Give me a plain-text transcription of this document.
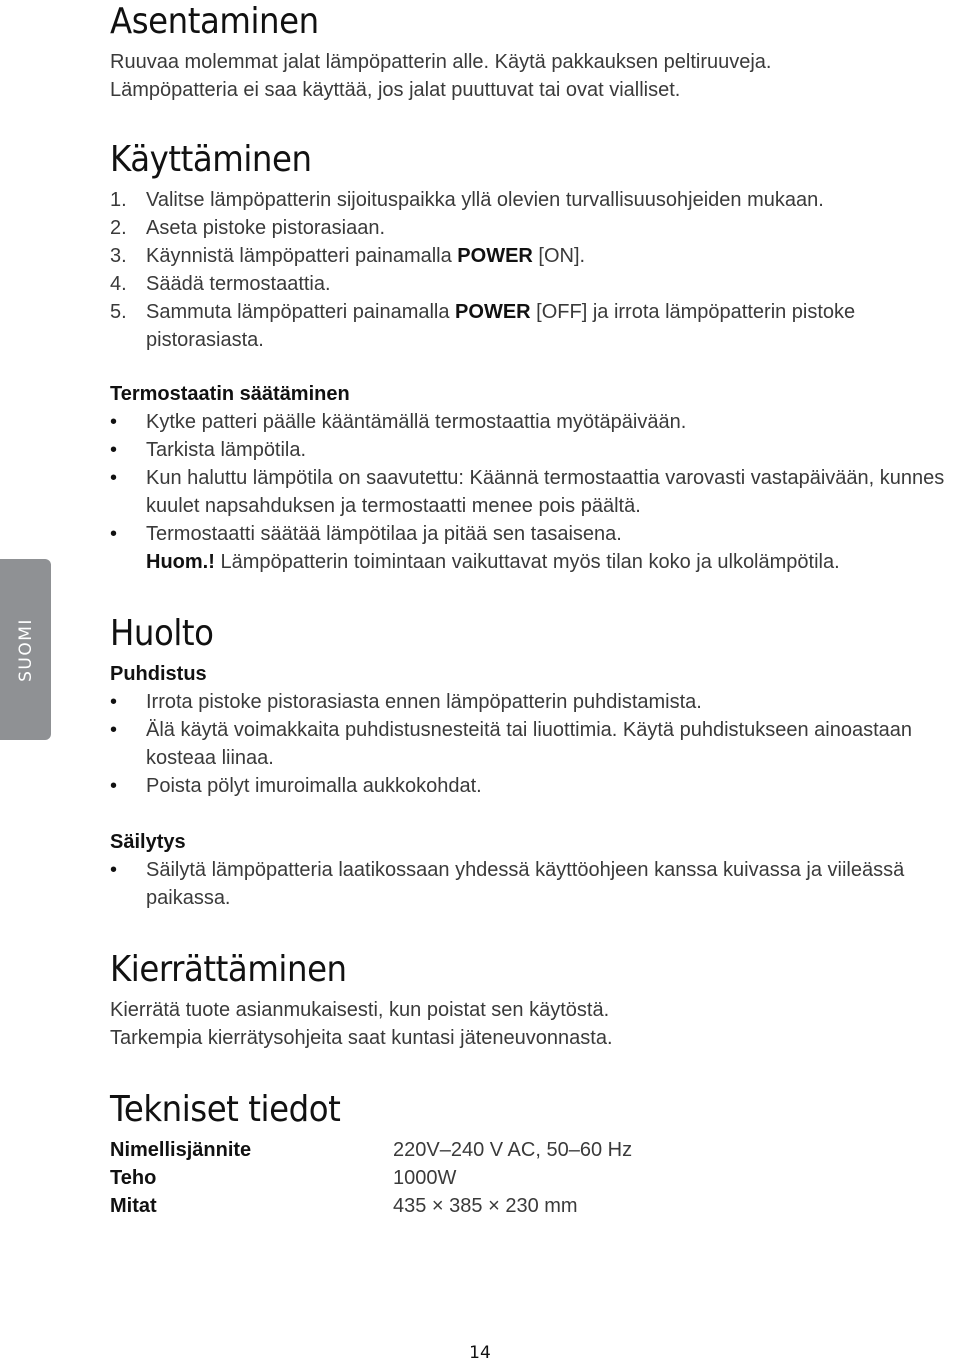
SUOMI
Asentaminen

Ruuvaa molemmat jalat lämpöpatterin alle. Käytä pakkauksen peltiruuveja.

Lämpöpatteria ei saa käyttää, jos jalat puuttuvat tai ovat vialliset.

Käyttäminen
1. Valitse lämpöpatterin sijoituspaikka yllä olevien turvallisuusohjeiden mukaan.
2. Aseta pistoke pistorasiaan.
3. Käynnistä lämpöpatteri painamalla POWER [ON].
4. Säädä termostaattia.
5. Sammuta lämpöpatteri painamalla POWER [OFF] ja irrota lämpöpatterin pistoke pistorasiasta.

Termostaatin säätäminen

• Kytke patteri päälle kääntämällä termostaattia myötäpäivään.
• Tarkista lämpötila.
• Kun haluttu lämpötila on saavutettu: Käännä termostaattia varovasti vastapäivään, kunnes kuulet napsahduksen ja termostaatti menee pois päältä.
• Termostaatti säätää lämpötilaa ja pitää sen tasaisena.
Huom.! Lämpöpatterin toimintaan vaikuttavat myös tilan koko ja ulkolämpötila.
Huolto

Puhdistus

• Irrota pistoke pistorasiasta ennen lämpöpatterin puhdistamista.
• Älä käytä voimakkaita puhdistusnesteitä tai liuottimia. Käytä puhdistukseen ainoastaan kosteaa liinaa.
• Poista pölyt imuroimalla aukkokohdat.

Säilytys

• Säilytä lämpöpatteria laatikossaan yhdessä käyttöohjeen kanssa kuivassa ja viileässä paikassa.
Kierrättäminen

Kierrätä tuote asianmukaisesti, kun poistat sen käytöstä.

Tarkempia kierrätysohjeita saat kuntasi jäteneuvonnasta.

Tekniset tiedot
Nimellisjännite	220V–240 V AC, 50–60 Hz
Teho	1000W
Mitat	435 × 385 × 230 mm
14
